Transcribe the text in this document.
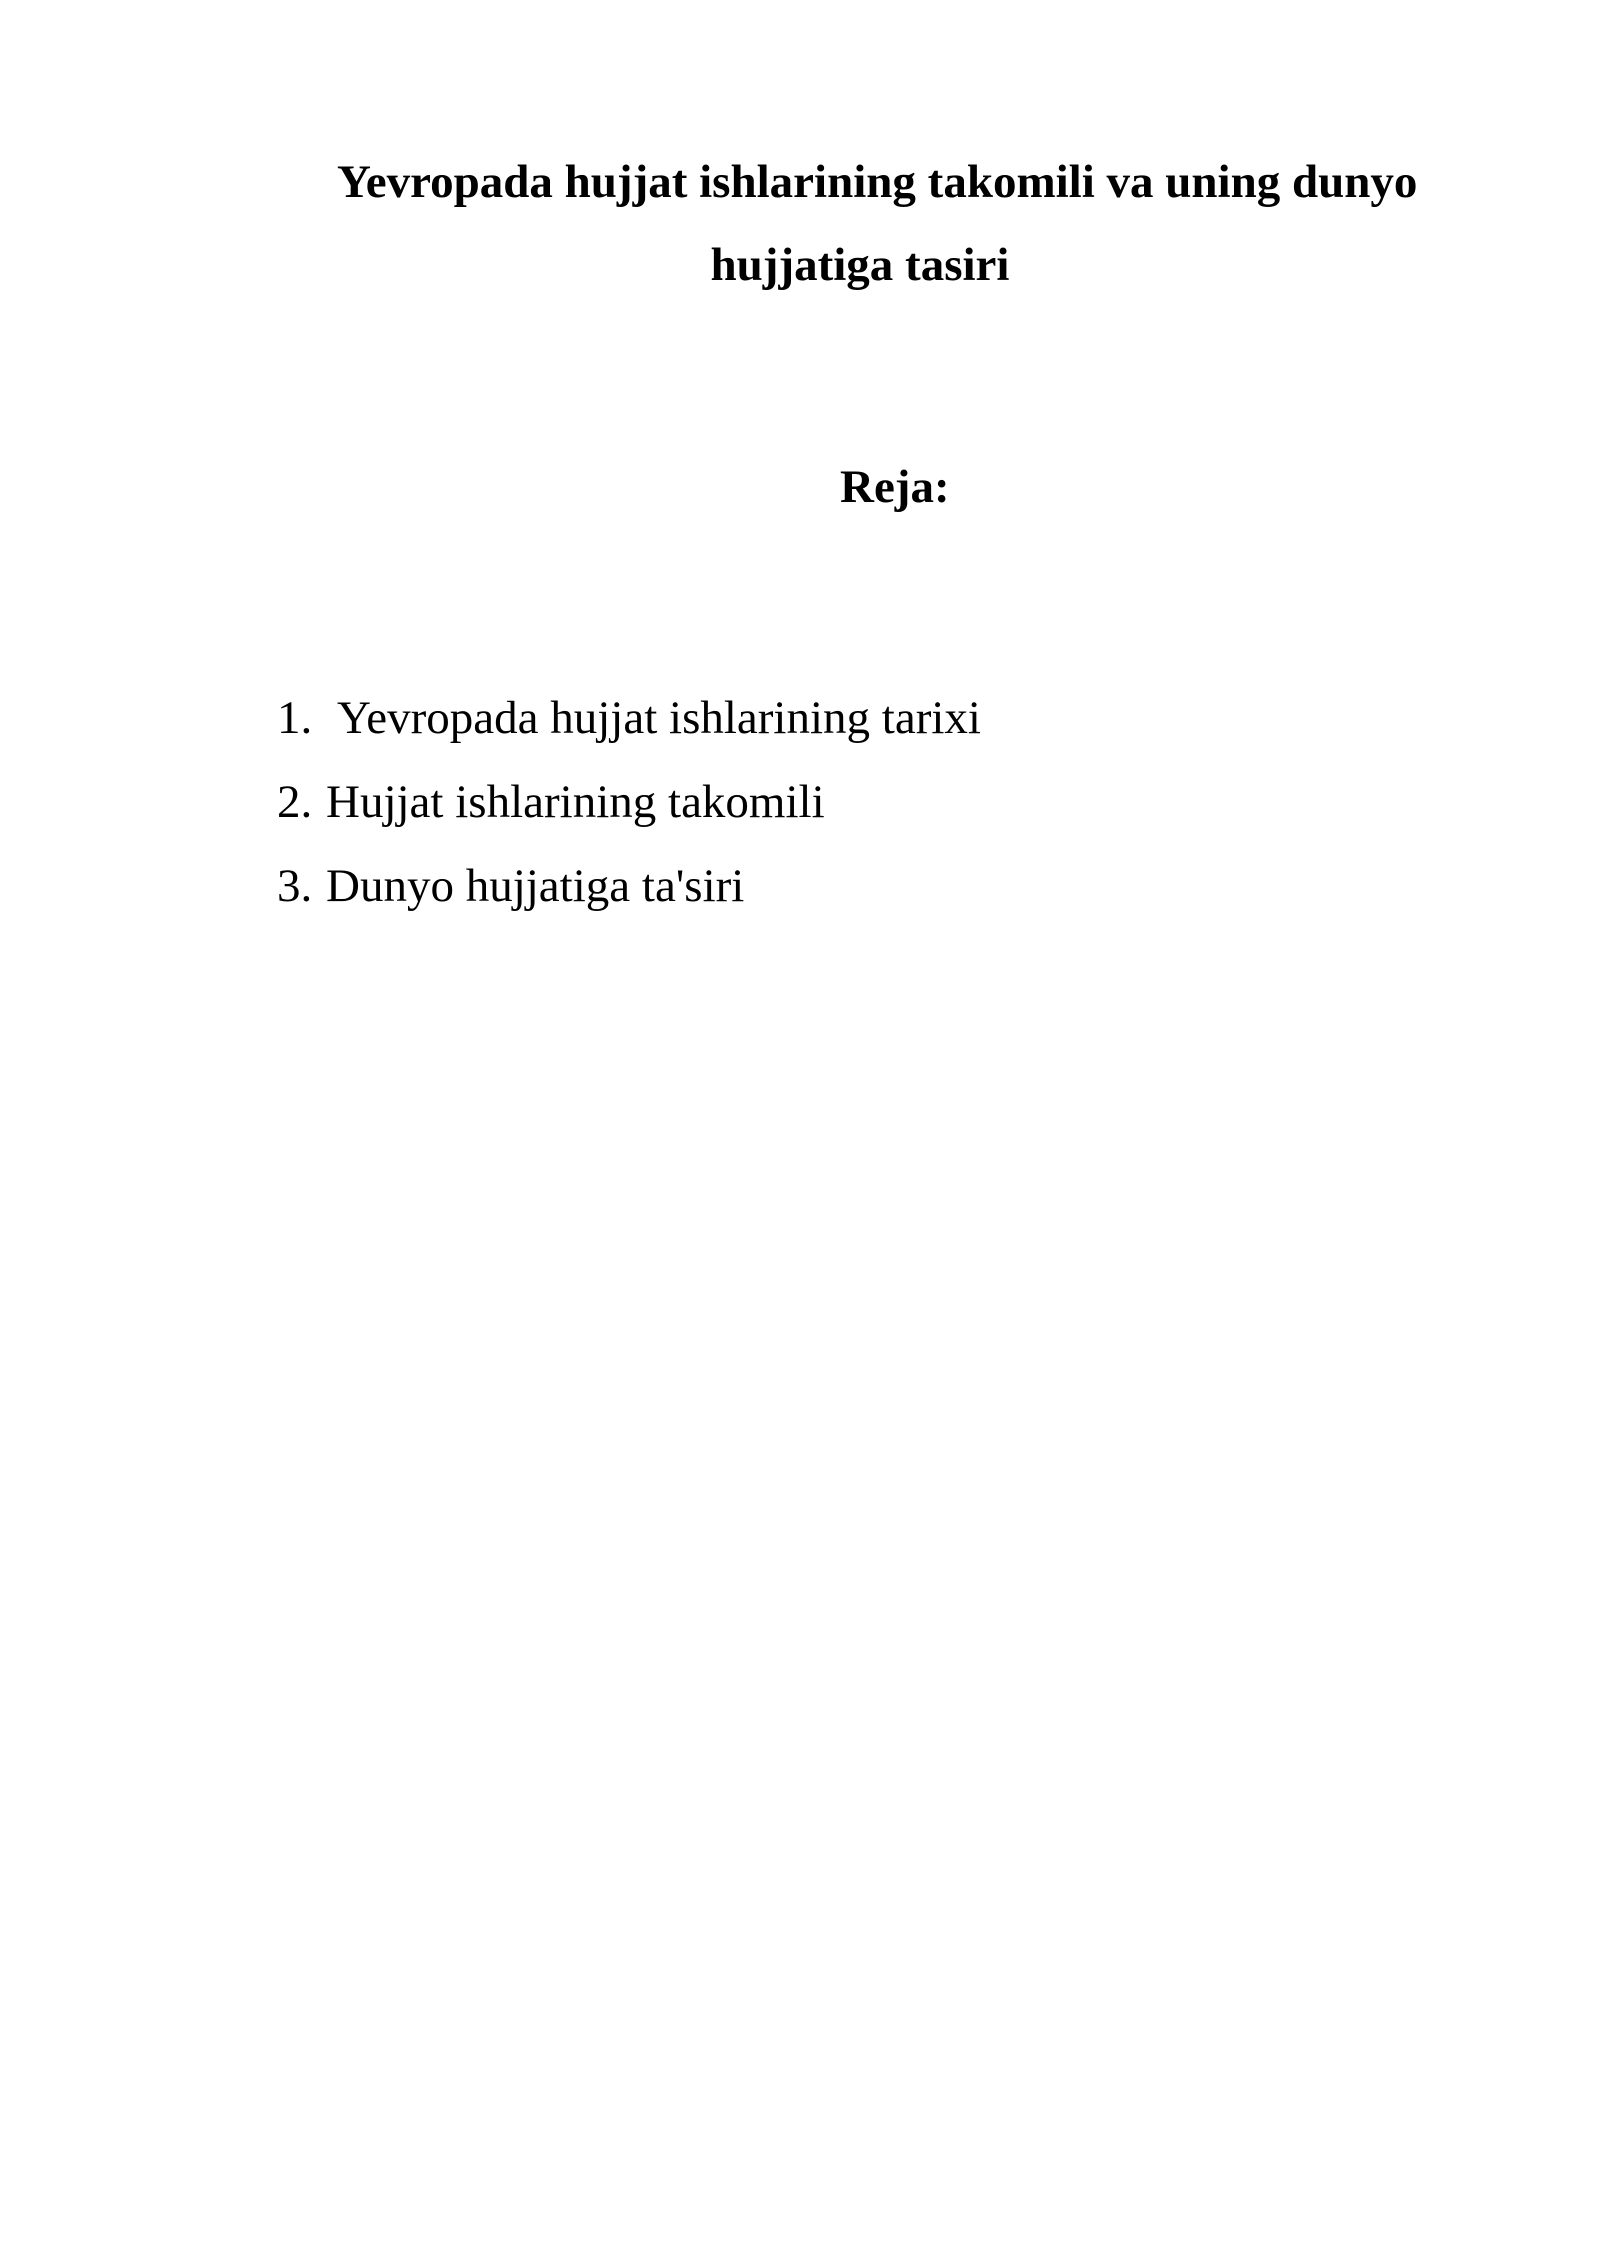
Yevropada hujjat ishlarining takomili va uning dunyo
hujjatiga tasiri
Reja:
1. Yevropada hujjat ishlarining tarixi
2. Hujjat ishlarining takomili
3. Dunyo hujjatiga ta'siri
